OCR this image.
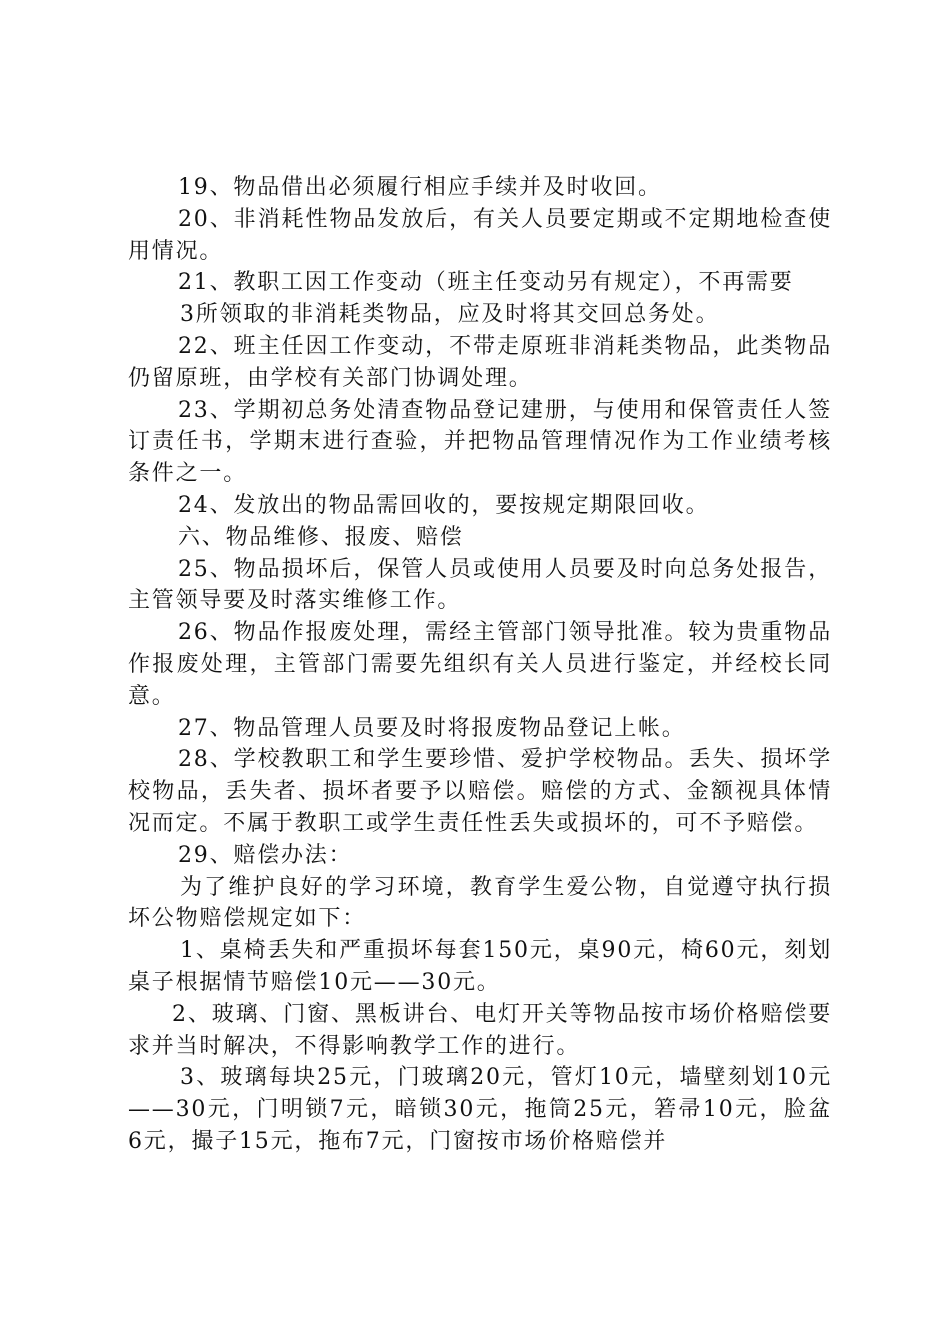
19、物品借出必须履行相应手续并及时收回。

20、非消耗性物品发放后，有关人员要定期或不定期地检查使用情况。

21、教职工因工作变动（班主任变动另有规定），不再需要

3所领取的非消耗类物品，应及时将其交回总务处。

22、班主任因工作变动，不带走原班非消耗类物品，此类物品仍留原班，由学校有关部门协调处理。

23、学期初总务处清查物品登记建册，与使用和保管责任人签订责任书，学期末进行查验，并把物品管理情况作为工作业绩考核条件之一。

24、发放出的物品需回收的，要按规定期限回收。

六、物品维修、报废、赔偿

25、物品损坏后，保管人员或使用人员要及时向总务处报告，主管领导要及时落实维修工作。

26、物品作报废处理，需经主管部门领导批准。较为贵重物品作报废处理，主管部门需要先组织有关人员进行鉴定，并经校长同意。

27、物品管理人员要及时将报废物品登记上帐。

28、学校教职工和学生要珍惜、爱护学校物品。丢失、损坏学校物品，丢失者、损坏者要予以赔偿。赔偿的方式、金额视具体情况而定。不属于教职工或学生责任性丢失或损坏的，可不予赔偿。

29、赔偿办法：

为了维护良好的学习环境，教育学生爱公物，自觉遵守执行损坏公物赔偿规定如下：

1、桌椅丢失和严重损坏每套150元，桌90元，椅60元，刻划桌子根据情节赔偿10元——30元。

2、玻璃、门窗、黑板讲台、电灯开关等物品按市场价格赔偿要求并当时解决，不得影响教学工作的进行。

3、玻璃每块25元，门玻璃20元，管灯10元，墙壁刻划10元——30元，门明锁7元，暗锁30元，拖筒25元，箬帚10元，脸盆6元，撮子15元，拖布7元，门窗按市场价格赔偿并
